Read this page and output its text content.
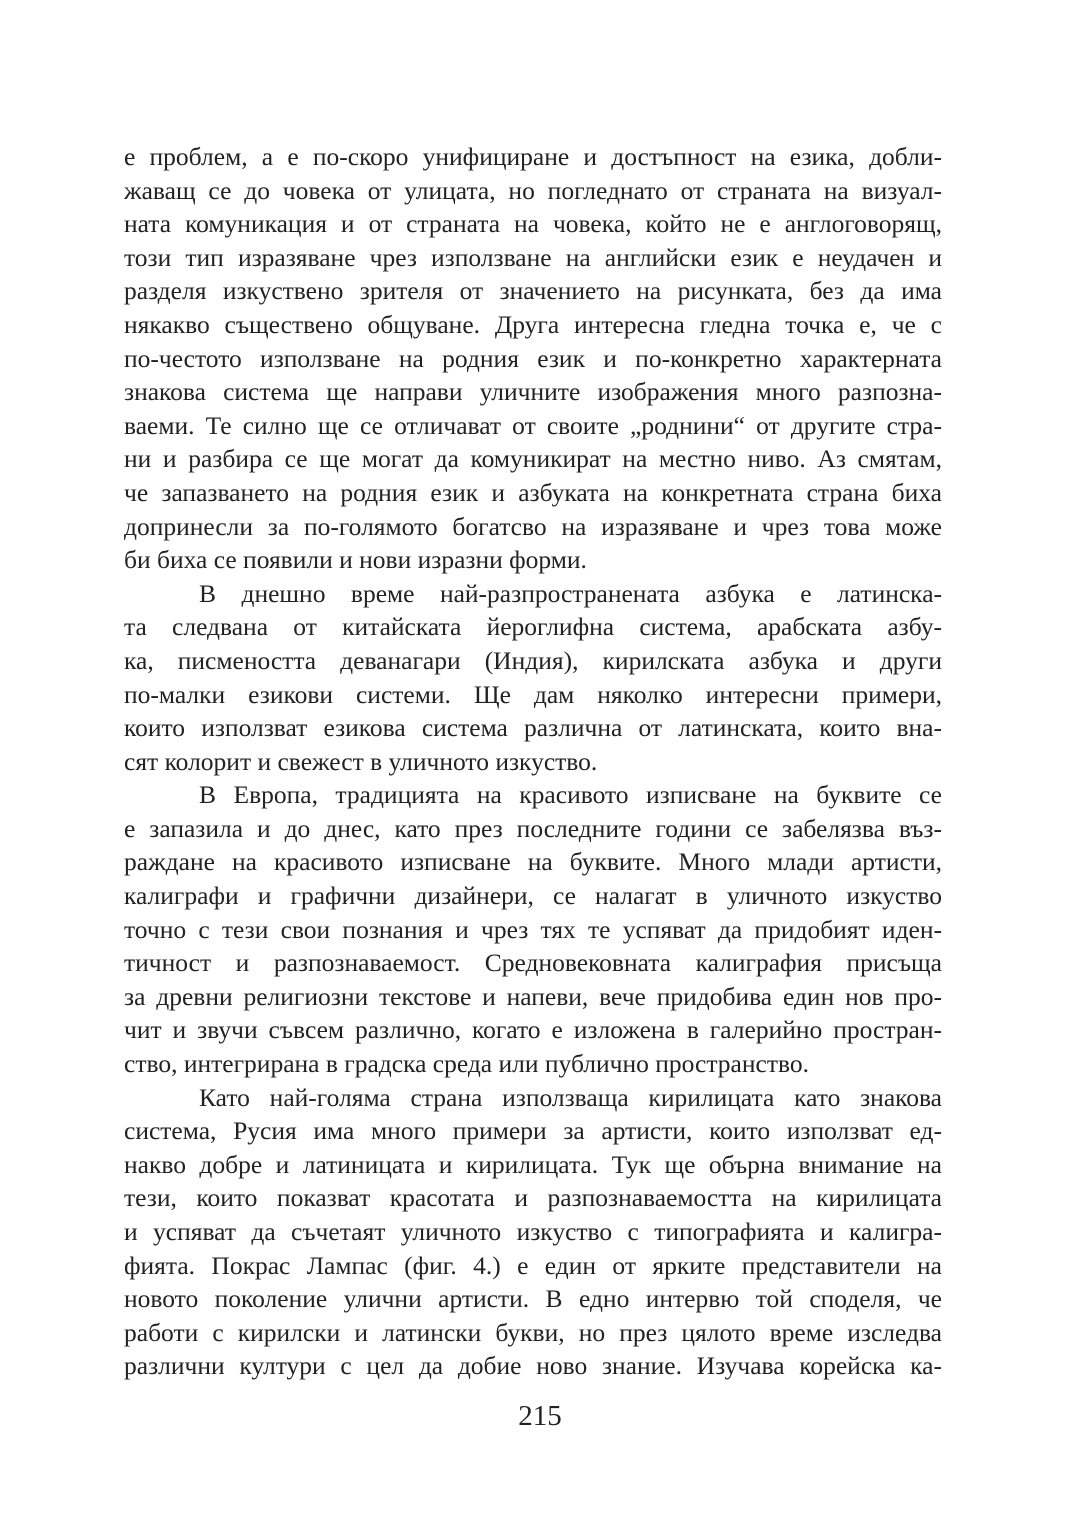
е проблем, а е по-скоро унифициране и достъпност на езика, добли-
жаващ се до човека от улицата, но погледнато от страната на визуал-
ната комуникация и от страната на човека, който не е англоговорящ,
този тип изразяване чрез използване на английски език е неудачен и
разделя изкуствено зрителя от значението на рисунката, без да има
някакво съществено общуване. Друга интересна гледна точка е, че с
по-честото използване на родния език и по-конкретно характерната
знакова система ще направи уличните изображения много разпозна-
ваеми. Те силно ще се отличават от своите „роднини“ от другите стра-
ни и разбира се ще могат да комуникират на местно ниво. Аз смятам,
че запазването на родния език и азбуката на конкретната страна биха
допринесли за по-голямото богатсво на изразяване и чрез това може
би биха се появили и нови изразни форми.
В днешно време най-разпространената азбука е латинска-
та следвана от китайската йероглифна система, арабската азбу-
ка, писмеността деванагари (Индия), кирилската азбука и други
по-малки езикови системи. Ще дам няколко интересни примери,
които използват езикова система различна от латинската, които вна-
сят колорит и свежест в уличното изкуство.
В Европа, традицията на красивото изписване на буквите се
е запазила и до днес, като през последните години се забелязва въз-
раждане на красивото изписване на буквите. Много млади артисти,
калиграфи и графични дизайнери, се налагат в уличното изкуство
точно с тези свои познания и чрез тях те успяват да придобият иден-
тичност и разпознаваемост. Средновековната калиграфия присъща
за древни религиозни текстове и напеви, вече придобива един нов про-
чит и звучи съвсем различно, когато е изложена в галерийно простран-
ство, интегрирана в градска среда или публично пространство.
Като най-голяма страна използваща кирилицата като знакова
система, Русия има много примери за артисти, които използват ед-
накво добре и латиницата и кирилицата. Тук ще обърна внимание на
тези, които показват красотата и разпознаваемостта на кирилицата
и успяват да съчетаят уличното изкуство с типографията и калигра-
фията. Покрас Лампас (фиг. 4.) е един от ярките представители на
новото поколение улични артисти. В едно интервю той споделя, че
работи с кирилски и латински букви, но през цялото време изследва
различни култури с цел да добие ново знание. Изучава корейска ка-
215
